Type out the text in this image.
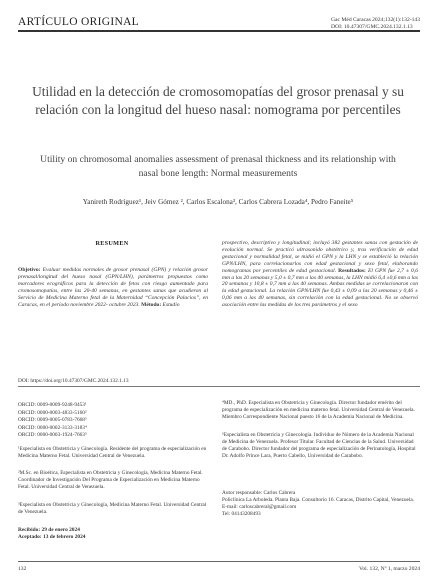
ARTÍCULO ORIGINAL	Gac Méd Caracas 2024;132(1):132-143
DOI: 10.47307/GMC.2024.132.1.13
Utilidad en la detección de cromosomopatías del grosor prenasal y su relación con la longitud del hueso nasal: nomograma por percentiles
Utility on chromosomal anomalies assessment of prenasal thickness and its relationship with nasal bone length: Normal measurements
Yanireth Rodríguez¹, Jeiv Gómez ², Carlos Escalona³, Carlos Cabrera Lozada⁴, Pedro Faneite⁵
RESUMEN
Objetivo: Evaluar medidas normales de grosor prenasal (GPN) y relación grosor prenasal/longitud del hueso nasal (GPN/LHN), parámetros propuestos como marcadores ecográficos para la detección de fetos con riesgo aumentado para cromosomopatías, entre las 20-40 semanas, en gestantes sanas que acudieron al Servicio de Medicina Materno fetal de la Maternidad “Concepción Palacios”, en Caracas, en el período noviembre 2022- octubre 2023. Método: Estudio
prospectivo, descriptivo y longitudinal; incluyó 382 gestantes sanas con gestación de evolución normal. Se practicó ultrasonido obstétrico y, tras verificación de edad gestacional y normalidad fetal, se midió el GPN y la LHN y se estableció la relación GPN/LHN, para correlacionarlos con edad gestacional y sexo fetal, elaborando nomogramas por percentiles de edad gestacional. Resultados: El GPN fue 2,7 ± 0,6 mm a las 20 semanas y 5,0 ± 0,7 mm a las 40 semanas, la LHN midió 6,4 ±0,6 mm a las 20 semanas y 10,8 ± 0,7 mm a las 40 semanas. Ambas medidas se correlacionaron con la edad gestacional. La relación GPN/LHN fue 0,43 ± 0,09 a las 20 semanas y 0,46 ± 0,06 mm a las 40 semanas, sin correlación con la edad gestacional. No se observó asociación entre las medidas de los tres parámetros y el sexo
DOI: https://doi.org/10.47307/GMC.2024.132.1.13
ORCID: 0009-0009-9248-9453¹
ORCID: 0000-0003-4833-5160²
ORCID: 0009-0005-0783-7668³
ORCID: 0000-0002-3133-3183⁴
ORCID: 0000-0003-1924-7663⁵
¹Especialista en Obstetricia y Ginecología. Residente del programa de especialización en Medicina Materno Fetal. Universidad Central de Venezuela.
²M.Sc. en Bioética, Especialista en Obstetricia y Ginecología, Medicina Materno Fetal. Coordinador de Investigación Del Programa de Especialización en Medicina Materno Fetal. Universidad Central de Venezuela.
³Especialista en Obstetricia y Ginecología, Medicina Materno Fetal. Universidad Central de Venezuela.
Recibido: 29 de enero 2024
Aceptado: 13 de febrero 2024
⁴MD., PhD. Especialista en Obstetricia y Ginecología. Director fundador emérito del programa de especialización en medicina materno fetal. Universidad Central de Venezuela. Miembro Correspondiente Nacional puesto 16 de la Academia Nacional de Medicina.
⁵Especialista en Obstetricia y Ginecología. Individuo de Número de la Academia Nacional de Medicina de Venezuela. Profesor Titular. Facultad de Ciencias de la Salud. Universidad de Carabobo. Director fundador del programa de especialización de Perinatología, Hospital Dr. Adolfo Prince Lara, Puerto Cabello, Universidad de Carabobo.
Autor responsable: Carlos Cabrera
Policlínica La Arboleda. Planta Baja. Consultorio 16. Caracas, Distrito Capital, Venezuela.
E-mail: carloscabreral@gmail.com
Tel: 04143208493
132	Vol. 132, Nº 1, marzo 2024
